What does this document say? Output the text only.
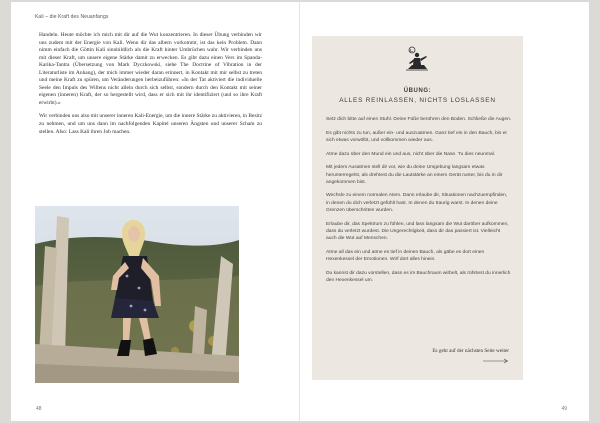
Kali – die Kraft des Neuanfangs

Handeln. Heute möchte ich mich mit dir auf die Wut konzentrieren. In dieser Übung verbinden wir uns zudem mit der Energie von Kali. Wenn dir das albern vorkommt, ist das kein Problem. Dann nimm einfach die Göttin Kali sinnbildlich als die Kraft hinter Umbrüchen wahr. Wir verbinden uns mit dieser Kraft, um unsere eigene Stärke damit zu erwecken. Es gibt dazu einen Vers im Spanda-Karika-Tantra (Übersetzung von Mark Dyczkowski, siehe The Doctrine of Vibration in der Literaturliste im Anhang), der mich immer wieder daran erinnert, in Kontakt mit mir selbst zu treten und meine Kraft zu spüren, um Veränderungen herbeizuführen: »In der Tat aktiviert die individuelle Seele den Impuls des Willens nicht allein durch sich selbst, sondern durch den Kontakt mit seiner eigenen (inneren) Kraft, der so hergestellt wird, dass er sich mit ihr identifiziert (und so ihre Kraft erwirbt).«

Wir verbinden uns also mit unserer inneren Kali-Energie, um die innere Stärke zu aktivieren, in Besitz zu nehmen, und um uns dann im nachfolgenden Kapitel unseren Ängsten und unserer Scham zu stellen. Also: Lass Kali ihren Job machen.

48
ÜBUNG:
ALLES REINLASSEN, NICHTS LOSLASSEN

Setz dich bitte auf einen Stuhl. Deine Füße berühren den Boden. Schließe die Augen.

Es gibt nichts zu tun, außer ein- und auszuatmen. Ganz tief ein in den Bauch, bis er sich etwas vorwölbt, und vollkommen wieder aus.

Atme dazu über den Mund ein und aus, nicht über die Nase. Tu dies neunmal.

Mit jedem Ausatmen stell dir vor, wie du deine Umgebung langsam etwas herunterregelst, als drehtest du die Lautstärke an einem Gerät runter, bis du in dir angekommen bist.

Wechsle zu einem normalen Atem. Dann erlaube dir, Situationen nachzuempfinden, in denen du dich verletzt gefühlt hast. In denen du traurig warst. In denen deine Grenzen überschritten wurden.

Erlaube dir, das Spektrum zu fühlen, und lass langsam die Wut daröber aufkommen, dass du verletzt wurdest. Die Ungerechtigkeit, dass dir das passiert ist. Vielleicht auch die Wut auf Menschen.

Atme all das ein und atme es tief in deinen Bauch, als gäbe es dort einen Hexenkessel der Emotionen. Wirf dort alles hinein.

Du kannst dir dazu vorstellen, dass es im Bauchraum wirbelt, als rührtest du innerlich den Hexenkessel um.

Es geht auf der nächsten Seite weiter
49
